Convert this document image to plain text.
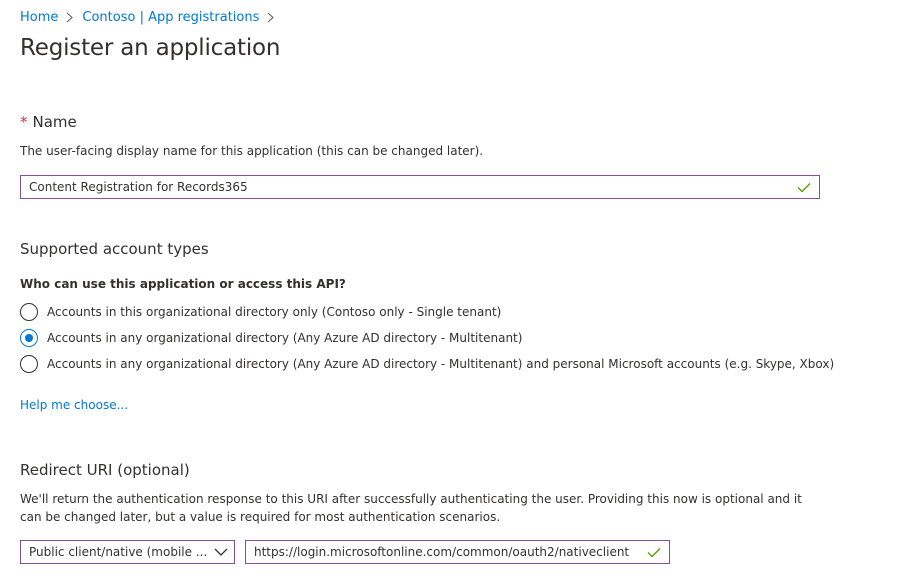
Home Contoso | App registrations
Register an application
* Name
The user-facing display name for this application (this can be changed later).
Content Registration for Records365
Supported account types
Who can use this application or access this API?
Accounts in this organizational directory only (Contoso only - Single tenant)
Accounts in any organizational directory (Any Azure AD directory - Multitenant)
Accounts in any organizational directory (Any Azure AD directory - Multitenant) and personal Microsoft accounts (e.g. Skype, Xbox)
Help me choose...
Redirect URI (optional)
We'll return the authentication response to this URI after successfully authenticating the user. Providing this now is optional and it can be changed later, but a value is required for most authentication scenarios.
Public client/native (mobile ...	https://login.microsoftonline.com/common/oauth2/nativeclient
